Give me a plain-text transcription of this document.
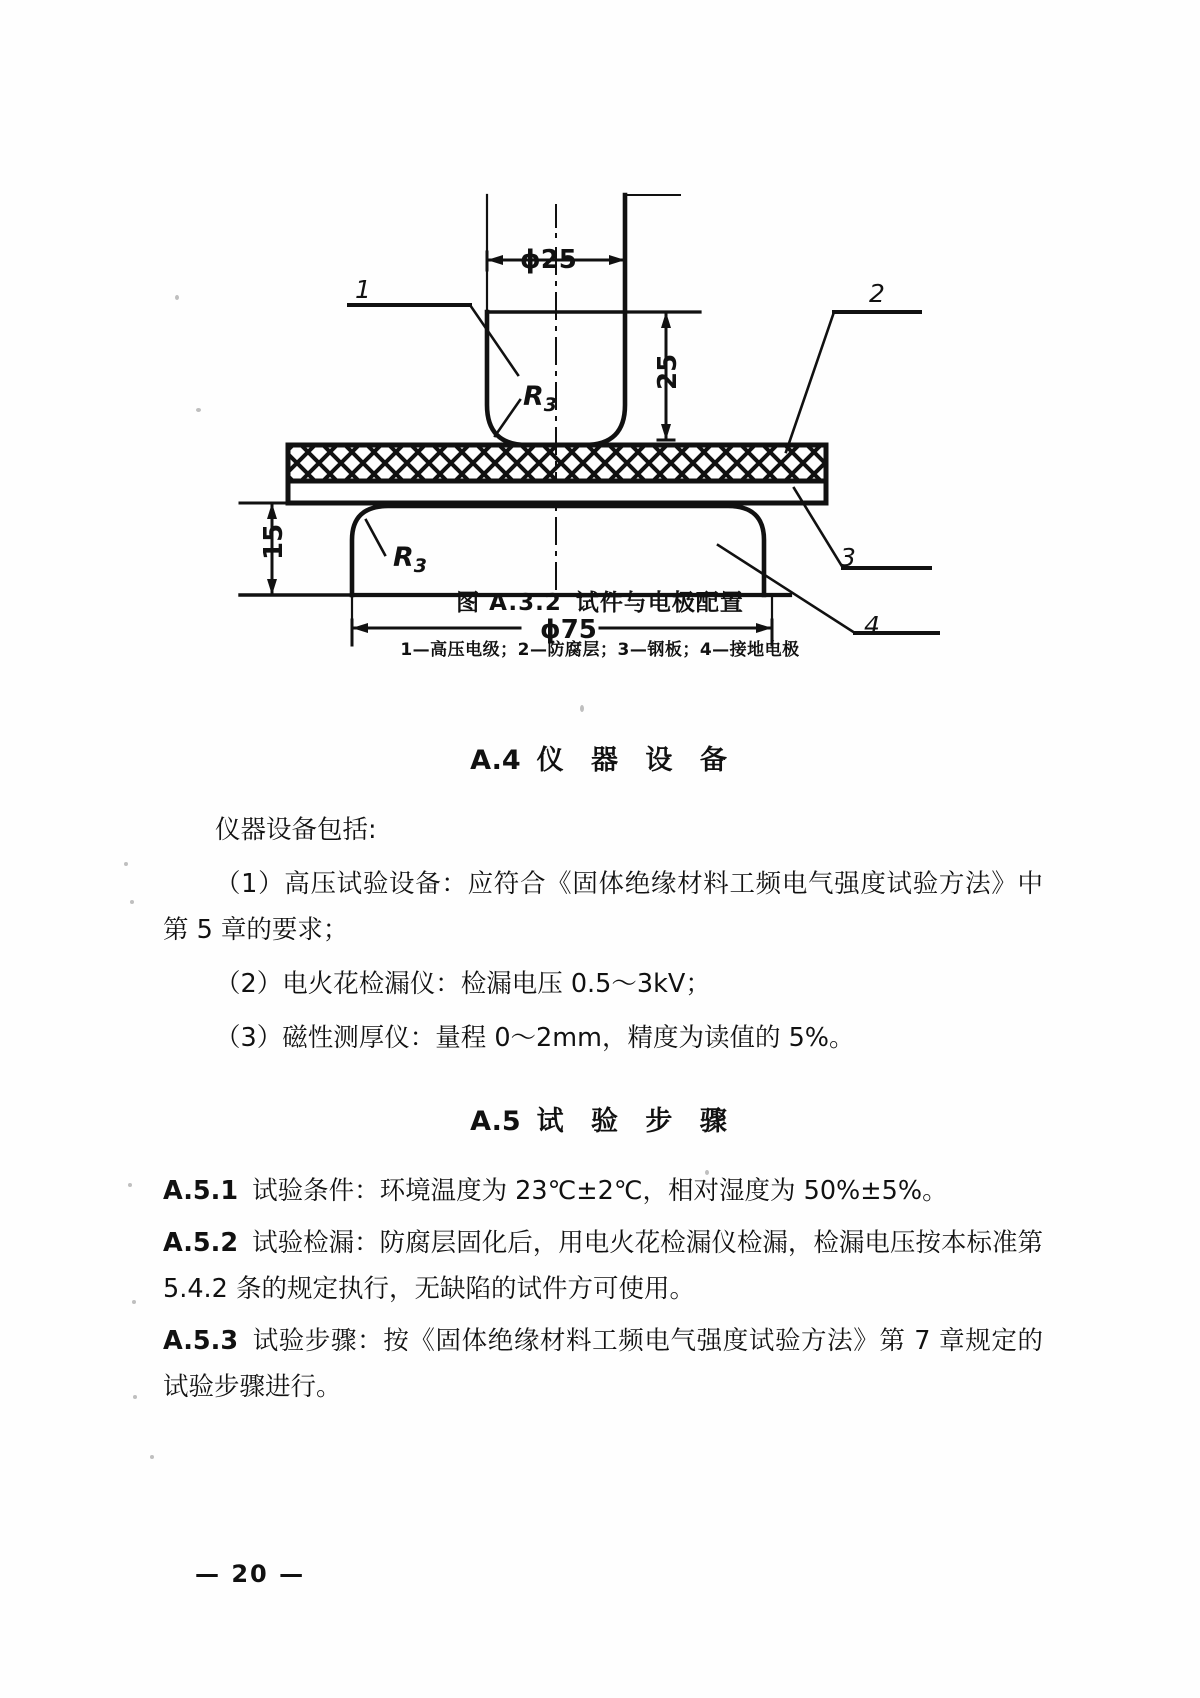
1	2
3
4
ϕ25
25
$R_3$
$R_3$
15
ϕ75
图 A.3.2 试件与电极配置
1—高压电级；2—防腐层；3—钢板；4—接地电极
A.4 仪 器 设 备

仪器设备包括:

（1）高压试验设备：应符合《固体绝缘材料工频电气强度试验方法》中第 5 章的要求；

（2）电火花检漏仪：检漏电压 0.5～3kV；

（3）磁性测厚仪：量程 0～2mm，精度为读值的 5%。

A.5 试 验 步 骤

A.5.1 试验条件：环境温度为 23℃±2℃，相对湿度为 50%±5%。

A.5.2 试验检漏：防腐层固化后，用电火花检漏仪检漏，检漏电压按本标准第 5.4.2 条的规定执行，无缺陷的试件方可使用。

A.5.3 试验步骤：按《固体绝缘材料工频电气强度试验方法》第 7 章规定的试验步骤进行。

— 20 —
